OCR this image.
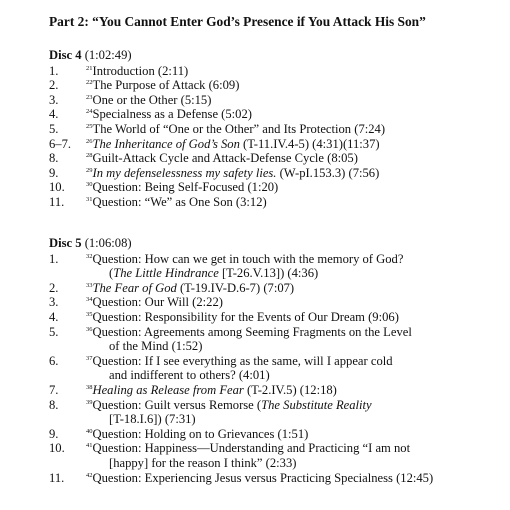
Part 2: “You Cannot Enter God’s Presence if You Attack His Son”
Disc 4 (1:02:49)
1.	$^{21}$Introduction (2:11)
2.	$^{22}$The Purpose of Attack (6:09)
3.	$^{23}$One or the Other (5:15)
4.	$^{24}$Specialness as a Defense (5:02)
5.	$^{25}$The World of “One or the Other” and Its Protection (7:24)
6–7. $^{26}$The Inheritance of God’s Son (T-11.IV.4-5) (4:31)(11:37)
8.	$^{28}$Guilt-Attack Cycle and Attack-Defense Cycle (8:05)
9.	$^{29}$In my defenselessness my safety lies. (W-pI.153.3) (7:56)
10.	$^{30}$Question: Being Self-Focused (1:20)
11.	$^{31}$Question: “We” as One Son (3:12)
Disc 5 (1:06:08)
1.	$^{32}$Question: How can we get in touch with the memory of God?
(The Little Hindrance [T-26.V.13]) (4:36)
2.	$^{33}$The Fear of God (T-19.IV-D.6-7) (7:07)
3.	$^{34}$Question: Our Will (2:22)
4.	$^{35}$Question: Responsibility for the Events of Our Dream (9:06)
5.	$^{36}$Question: Agreements among Seeming Fragments on the Level
of the Mind (1:52)
6.	$^{37}$Question: If I see everything as the same, will I appear cold
and indifferent to others? (4:01)
7.	$^{38}$Healing as Release from Fear (T-2.IV.5) (12:18)
8.	$^{39}$Question: Guilt versus Remorse (The Substitute Reality
[T-18.I.6]) (7:31)
9.	$^{40}$Question: Holding on to Grievances (1:51)
10.	$^{41}$Question: Happiness—Understanding and Practicing “I am not
[happy] for the reason I think” (2:33)
11.	$^{42}$Question: Experiencing Jesus versus Practicing Specialness (12:45)
